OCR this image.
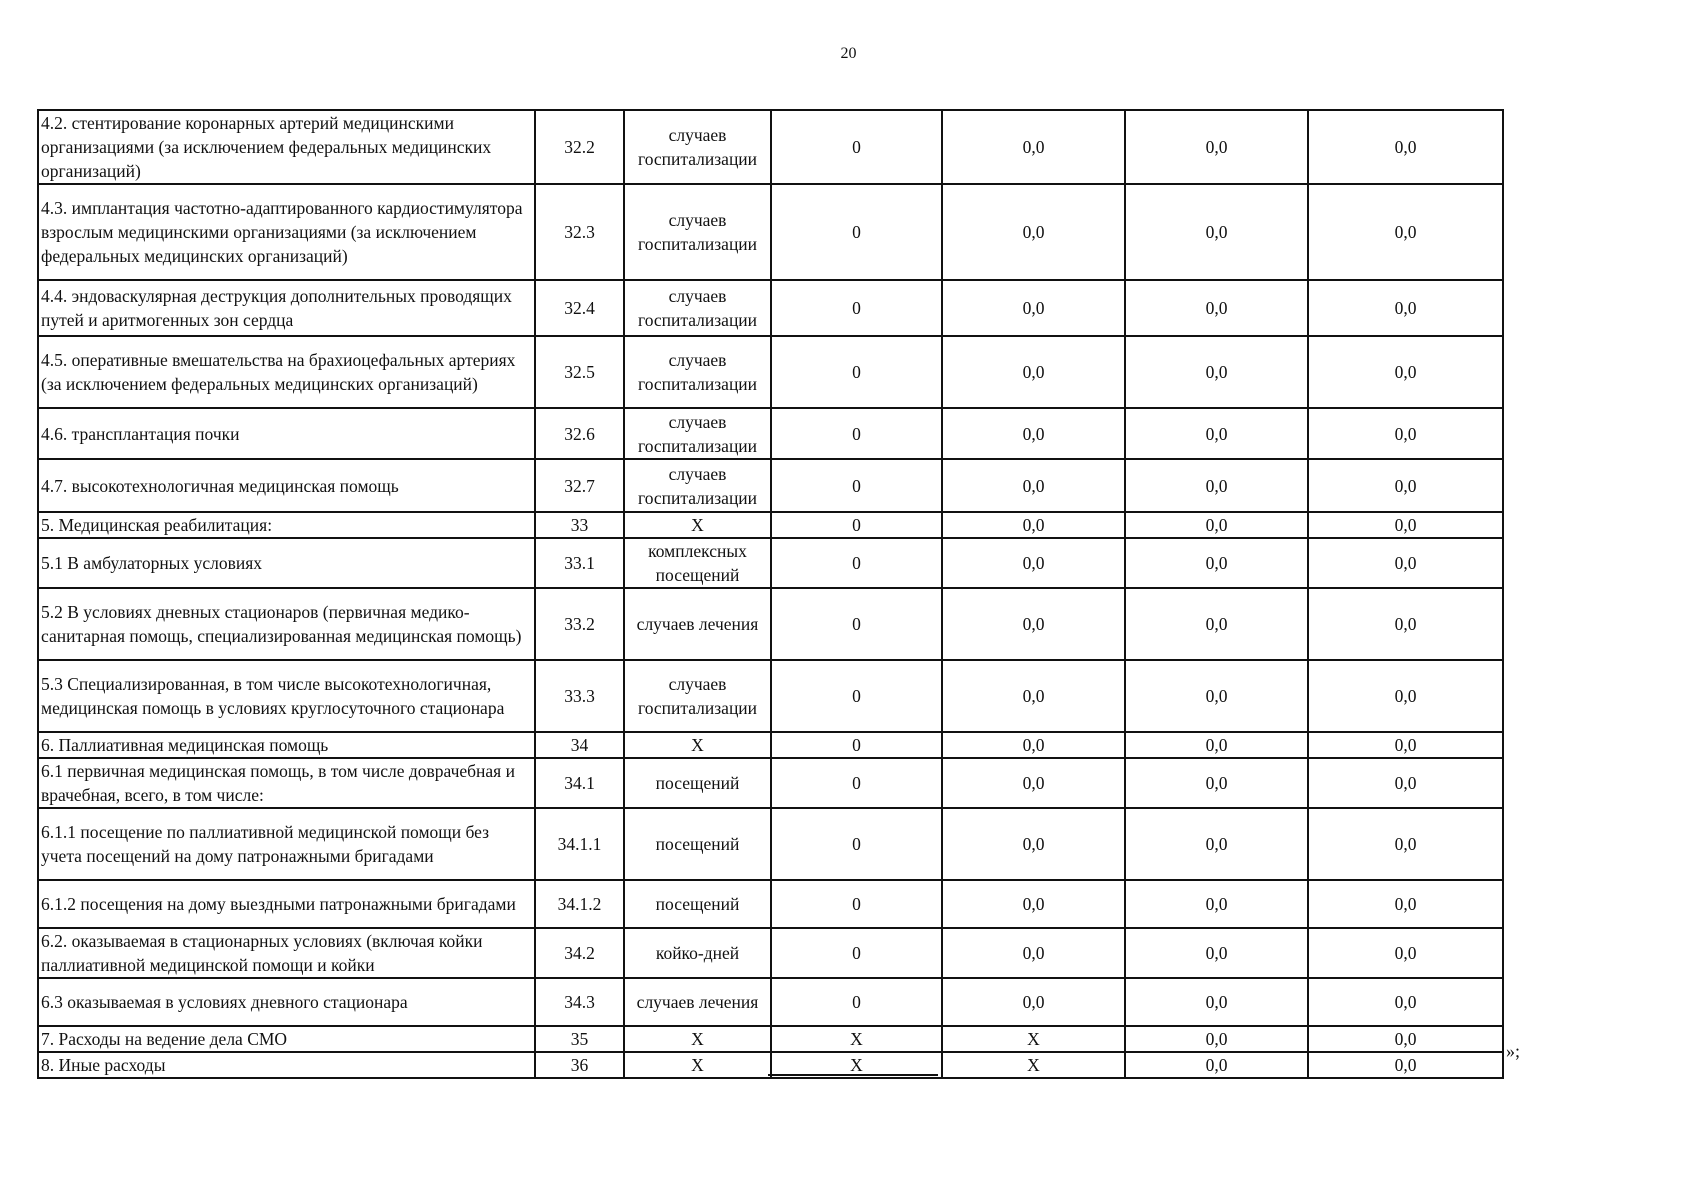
20
4.2. стентирование коронарных артерий медицинскими организациями (за исключением федеральных медицинских организаций)	32.2	случаев госпитализации	0	0,0	0,0	0,0
4.3. имплантация частотно-адаптированного кардиостимулятора взрослым медицинскими организациями (за исключением федеральных медицинских организаций)	32.3	случаев госпитализации	0	0,0	0,0	0,0
4.4. эндоваскулярная деструкция дополнительных проводящих путей и аритмогенных зон сердца	32.4	случаев госпитализации	0	0,0	0,0	0,0
4.5. оперативные вмешательства на брахиоцефальных артериях (за исключением федеральных медицинских организаций)	32.5	случаев госпитализации	0	0,0	0,0	0,0
4.6. трансплантация почки	32.6	случаев госпитализации	0	0,0	0,0	0,0
4.7. высокотехнологичная медицинская помощь	32.7	случаев госпитализации	0	0,0	0,0	0,0
5. Медицинская реабилитация:	33	X	0	0,0	0,0	0,0
5.1 В амбулаторных условиях	33.1	комплексных посещений	0	0,0	0,0	0,0
5.2 В условиях дневных стационаров (первичная медико-санитарная помощь, специализированная медицинская помощь)	33.2	случаев лечения	0	0,0	0,0	0,0
5.3 Специализированная, в том числе высокотехнологичная, медицинская помощь в условиях круглосуточного стационара	33.3	случаев госпитализации	0	0,0	0,0	0,0
6. Паллиативная медицинская помощь	34	X	0	0,0	0,0	0,0
6.1 первичная медицинская помощь, в том числе доврачебная и врачебная, всего, в том числе:	34.1	посещений	0	0,0	0,0	0,0
6.1.1 посещение по паллиативной медицинской помощи без учета посещений на дому патронажными бригадами	34.1.1	посещений	0	0,0	0,0	0,0
6.1.2 посещения на дому выездными патронажными бригадами	34.1.2	посещений	0	0,0	0,0	0,0
6.2. оказываемая в стационарных условиях (включая койки паллиативной медицинской помощи и койки	34.2	койко-дней	0	0,0	0,0	0,0
6.3 оказываемая в условиях дневного стационара	34.3	случаев лечения	0	0,0	0,0	0,0
7. Расходы на ведение дела СМО	35	X	X	X	0,0	0,0
8. Иные расходы	36	X	X	X	0,0	0,0
»;
